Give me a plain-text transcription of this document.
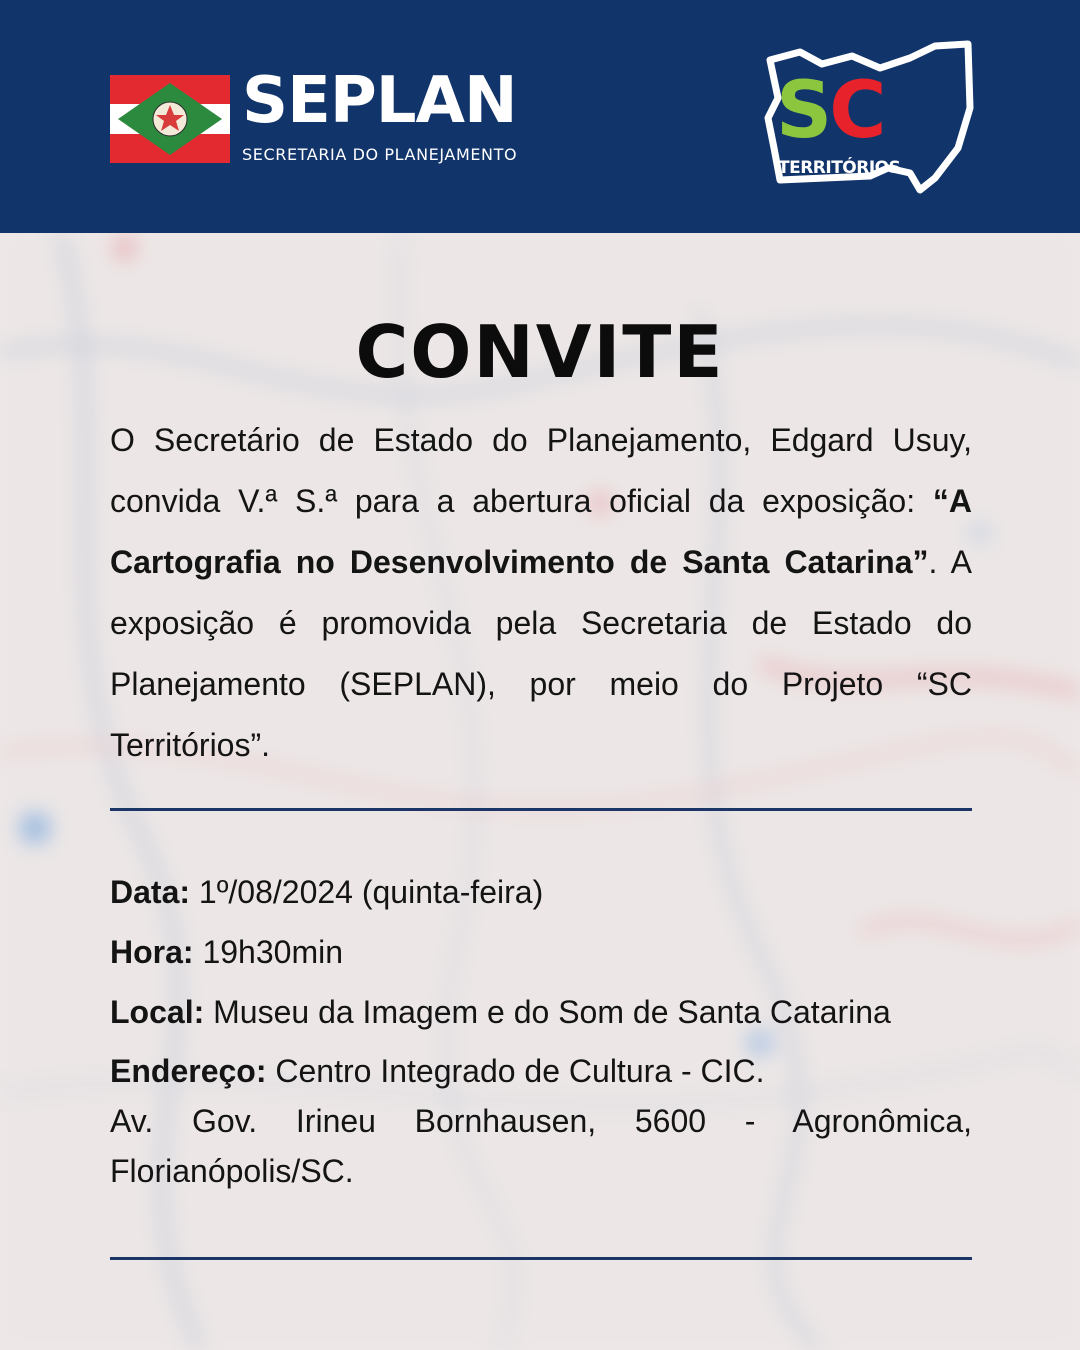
SEPLAN
SECRETARIA DO PLANEJAMENTO	SC
TERRITÓRIOS
CONVITE
O Secretário de Estado do Planejamento, Edgard Usuy, convida V.ª S.ª para a abertura oficial da exposição: “A Cartografia no Desenvolvimento de Santa Catarina”. A exposição é promovida pela Secretaria de Estado do Planejamento (SEPLAN), por meio do Projeto “SC Territórios”.
Data: 1º/08/2024 (quinta-feira)
Hora: 19h30min
Local: Museu da Imagem e do Som de Santa Catarina
Endereço: Centro Integrado de Cultura - CIC.
Av. Gov. Irineu Bornhausen, 5600 - Agronômica,
Florianópolis/SC.
